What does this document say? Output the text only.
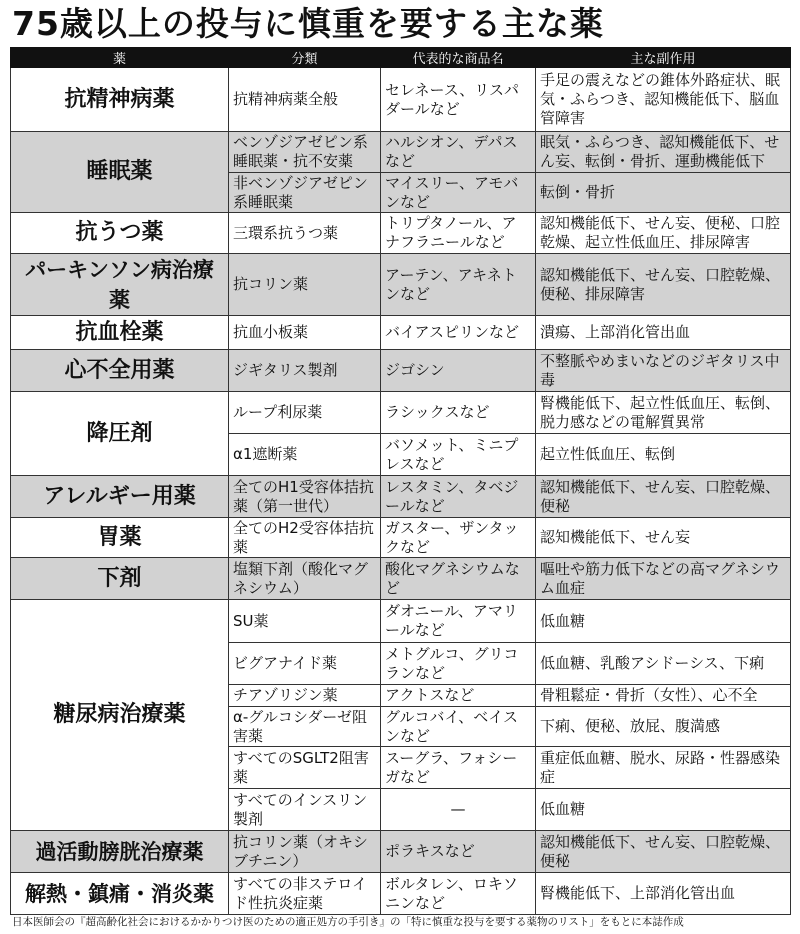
75歳以上の投与に慎重を要する主な薬
薬	分類	代表的な商品名	主な副作用
抗精神病薬	抗精神病薬全般	セレネース、リスパダールなど	手足の震えなどの錐体外路症状、眠気・ふらつき、認知機能低下、脳血管障害
睡眠薬	ベンゾジアゼピン系睡眠薬・抗不安薬	ハルシオン、デパスなど	眠気・ふらつき、認知機能低下、せん妄、転倒・骨折、運動機能低下
	非ベンゾジアゼピン系睡眠薬	マイスリー、アモバンなど	転倒・骨折
抗うつ薬	三環系抗うつ薬	トリプタノール、アナフラニールなど	認知機能低下、せん妄、便秘、口腔乾燥、起立性低血圧、排尿障害
パーキンソン病治療薬	抗コリン薬	アーテン、アキネトンなど	認知機能低下、せん妄、口腔乾燥、便秘、排尿障害
抗血栓薬	抗血小板薬	バイアスピリンなど	潰瘍、上部消化管出血
心不全用薬	ジギタリス製剤	ジゴシン	不整脈やめまいなどのジギタリス中毒
降圧剤	ループ利尿薬	ラシックスなど	腎機能低下、起立性低血圧、転倒、脱力感などの電解質異常
	α1遮断薬	バソメット、ミニプレスなど	起立性低血圧、転倒
アレルギー用薬	全てのH1受容体拮抗薬（第一世代）	レスタミン、タベジールなど	認知機能低下、せん妄、口腔乾燥、便秘
胃薬	全てのH2受容体拮抗薬	ガスター、ザンタックなど	認知機能低下、せん妄
下剤	塩類下剤（酸化マグネシウム）	酸化マグネシウムなど	嘔吐や筋力低下などの高マグネシウム血症
糖尿病治療薬	SU薬	ダオニール、アマリールなど	低血糖
	ビグアナイド薬	メトグルコ、グリコランなど	低血糖、乳酸アシドーシス、下痢
	チアゾリジン薬	アクトスなど	骨粗鬆症・骨折（女性）、心不全
	α-グルコシダーゼ阻害薬	グルコバイ、ベイスンなど	下痢、便秘、放屁、腹満感
	すべてのSGLT2阻害薬	スーグラ、フォシーガなど	重症低血糖、脱水、尿路・性器感染症
	すべてのインスリン製剤	—	低血糖
過活動膀胱治療薬	抗コリン薬（オキシブチニン）	ポラキスなど	認知機能低下、せん妄、口腔乾燥、便秘
解熱・鎮痛・消炎薬	すべての非ステロイド性抗炎症薬	ボルタレン、ロキソニンなど	腎機能低下、上部消化管出血
日本医師会の『超高齢化社会におけるかかりつけ医のための適正処方の手引き』の「特に慎重な投与を要する薬物のリスト」をもとに本誌作成
